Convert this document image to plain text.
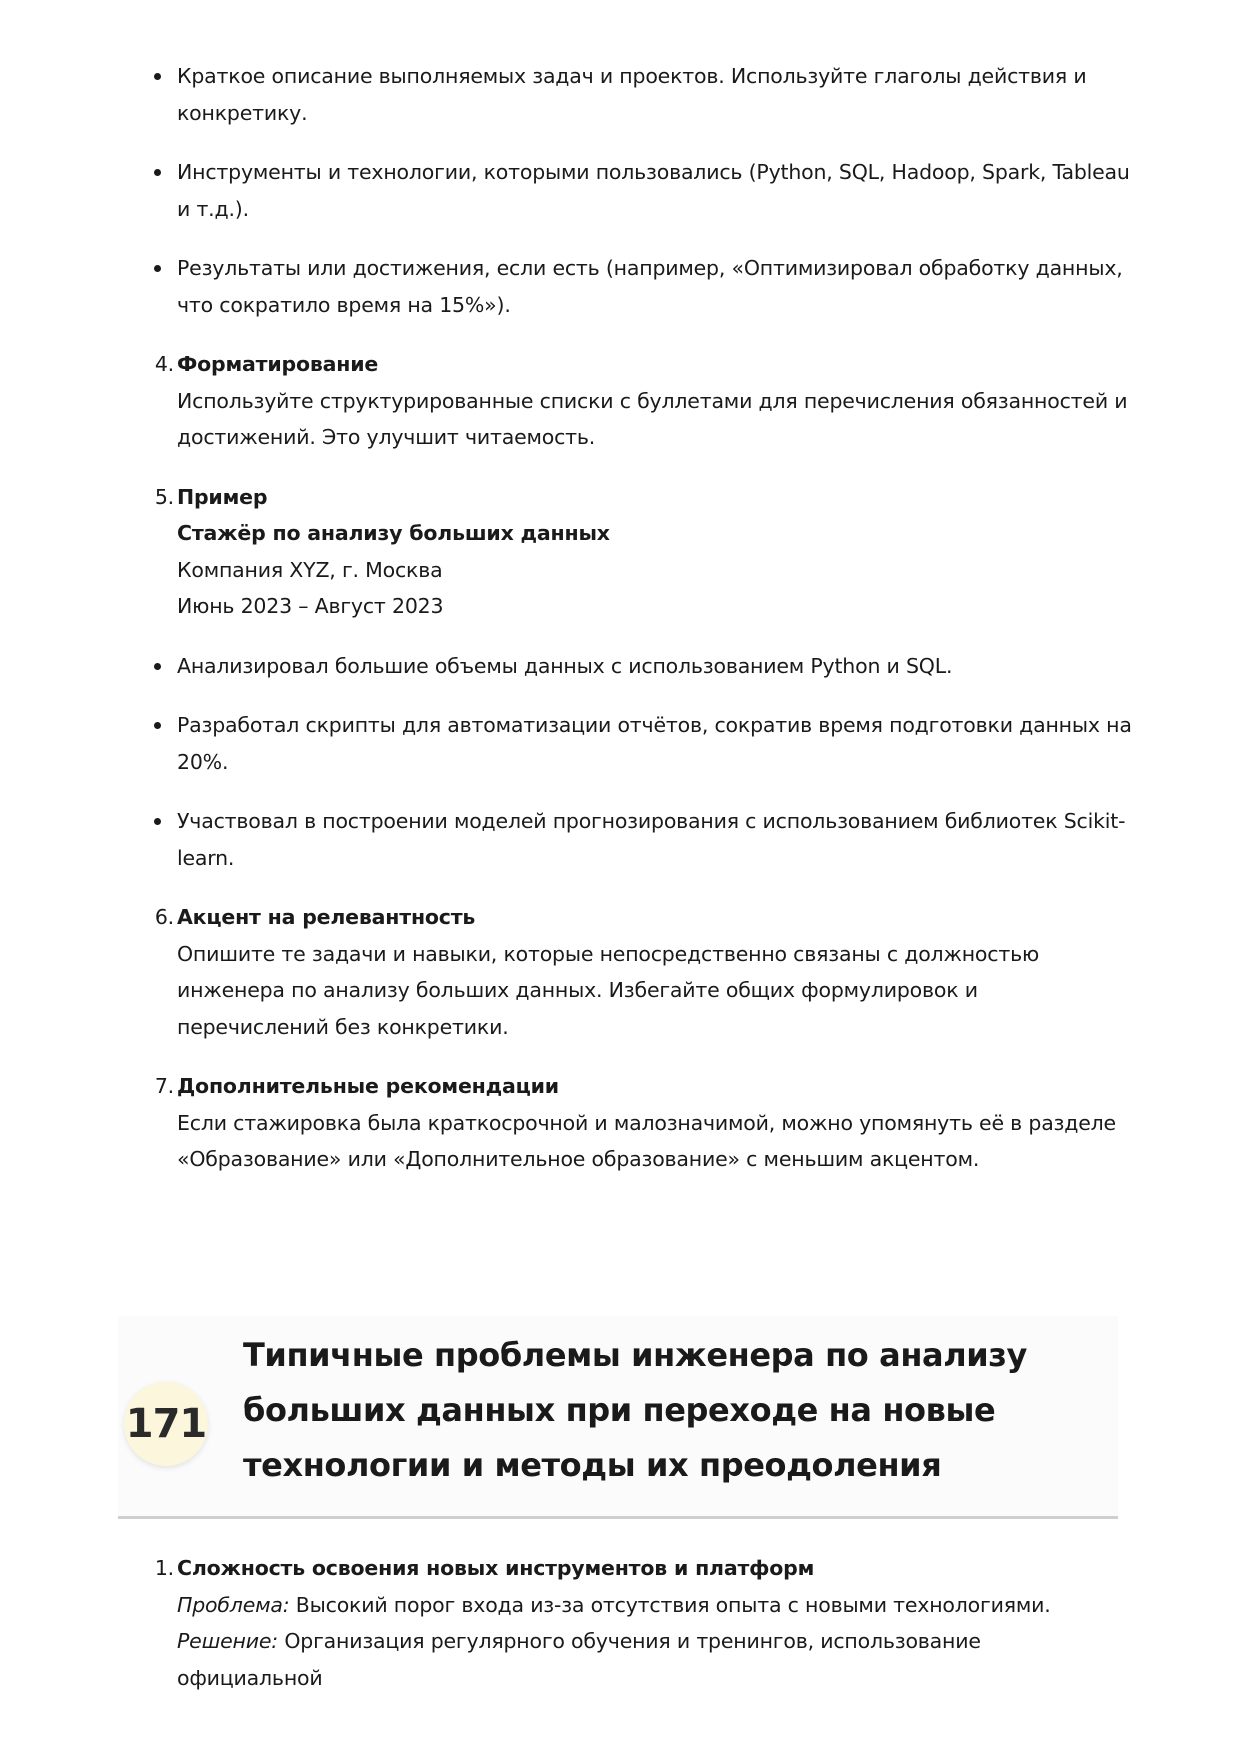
Краткое описание выполняемых задач и проектов. Используйте глаголы действия и конкретику.
Инструменты и технологии, которыми пользовались (Python, SQL, Hadoop, Spark, Tableau и т.д.).
Результаты или достижения, если есть (например, «Оптимизировал обработку данных, что сократило время на 15%»).
4. Форматирование
Используйте структурированные списки с буллетами для перечисления обязанностей и достижений. Это улучшит читаемость.
5. Пример
Стажёр по анализу больших данных
Компания XYZ, г. Москва
Июнь 2023 – Август 2023
Анализировал большие объемы данных с использованием Python и SQL.
Разработал скрипты для автоматизации отчётов, сократив время подготовки данных на 20%.
Участвовал в построении моделей прогнозирования с использованием библиотек Scikit-learn.
6. Акцент на релевантность
Опишите те задачи и навыки, которые непосредственно связаны с должностью инженера по анализу больших данных. Избегайте общих формулировок и перечислений без конкретики.
7. Дополнительные рекомендации
Если стажировка была краткосрочной и малозначимой, можно упомянуть её в разделе «Образование» или «Дополнительное образование» с меньшим акцентом.
171
Типичные проблемы инженера по анализу
больших данных при переходе на новые
технологии и методы их преодоления
1. Сложность освоения новых инструментов и платформ
Проблема: Высокий порог входа из-за отсутствия опыта с новыми технологиями.
Решение: Организация регулярного обучения и тренингов, использование официальной
